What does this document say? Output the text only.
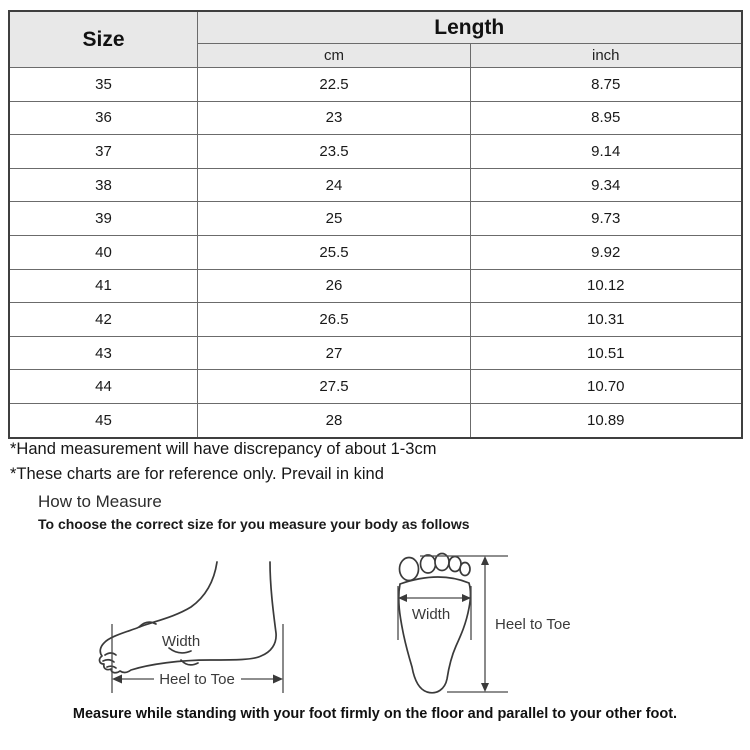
Size	Length	
	cm	inch
35	22.5	8.75
36	23	8.95
37	23.5	9.14
38	24	9.34
39	25	9.73
40	25.5	9.92
41	26	10.12
42	26.5	10.31
43	27	10.51
44	27.5	10.70
45	28	10.89
*Hand measurement will have discrepancy of about 1-3cm
*These charts are for reference only. Prevail in kind
How to Measure
To choose the correct size for you measure your body as follows
Width
Heel to Toe
Width
Heel to Toe
Measure while standing with your foot firmly on the floor and parallel to your other foot.
